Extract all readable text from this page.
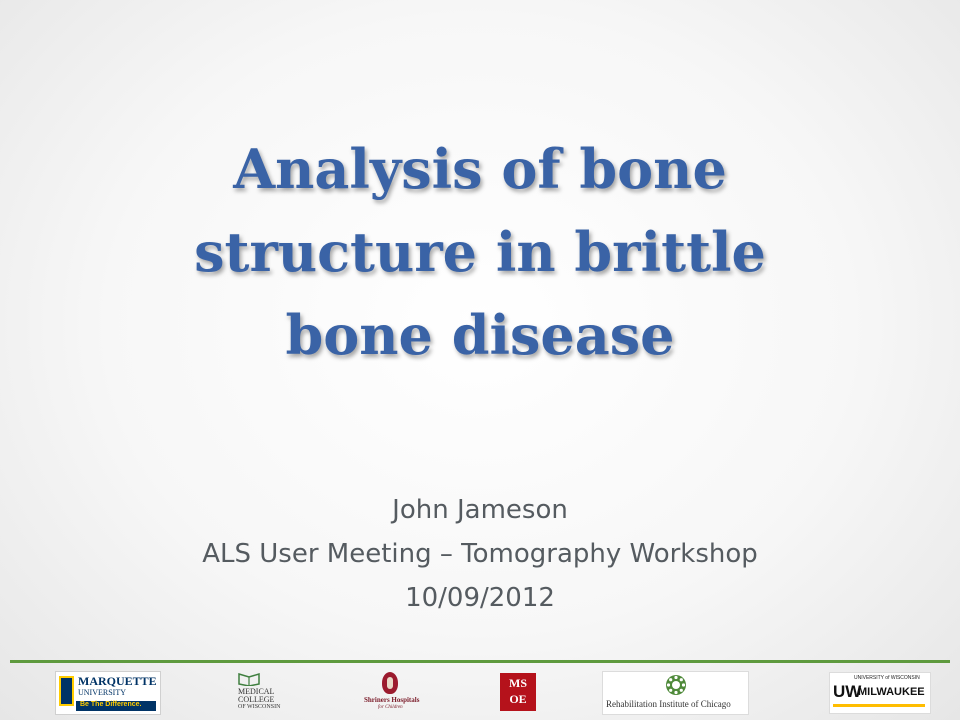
Analysis of bone
structure in brittle
bone disease
John Jameson
ALS User Meeting – Tomography Workshop
10/09/2012
MARQUETTE
UNIVERSITY
Be The Difference.
MEDICAL
COLLEGE
OF WISCONSIN
Shriners Hospitals
for Children
MS OE	Rehabilitation Institute of Chicago
UNIVERSITY of WISCONSIN
UW
MILWAUKEE
